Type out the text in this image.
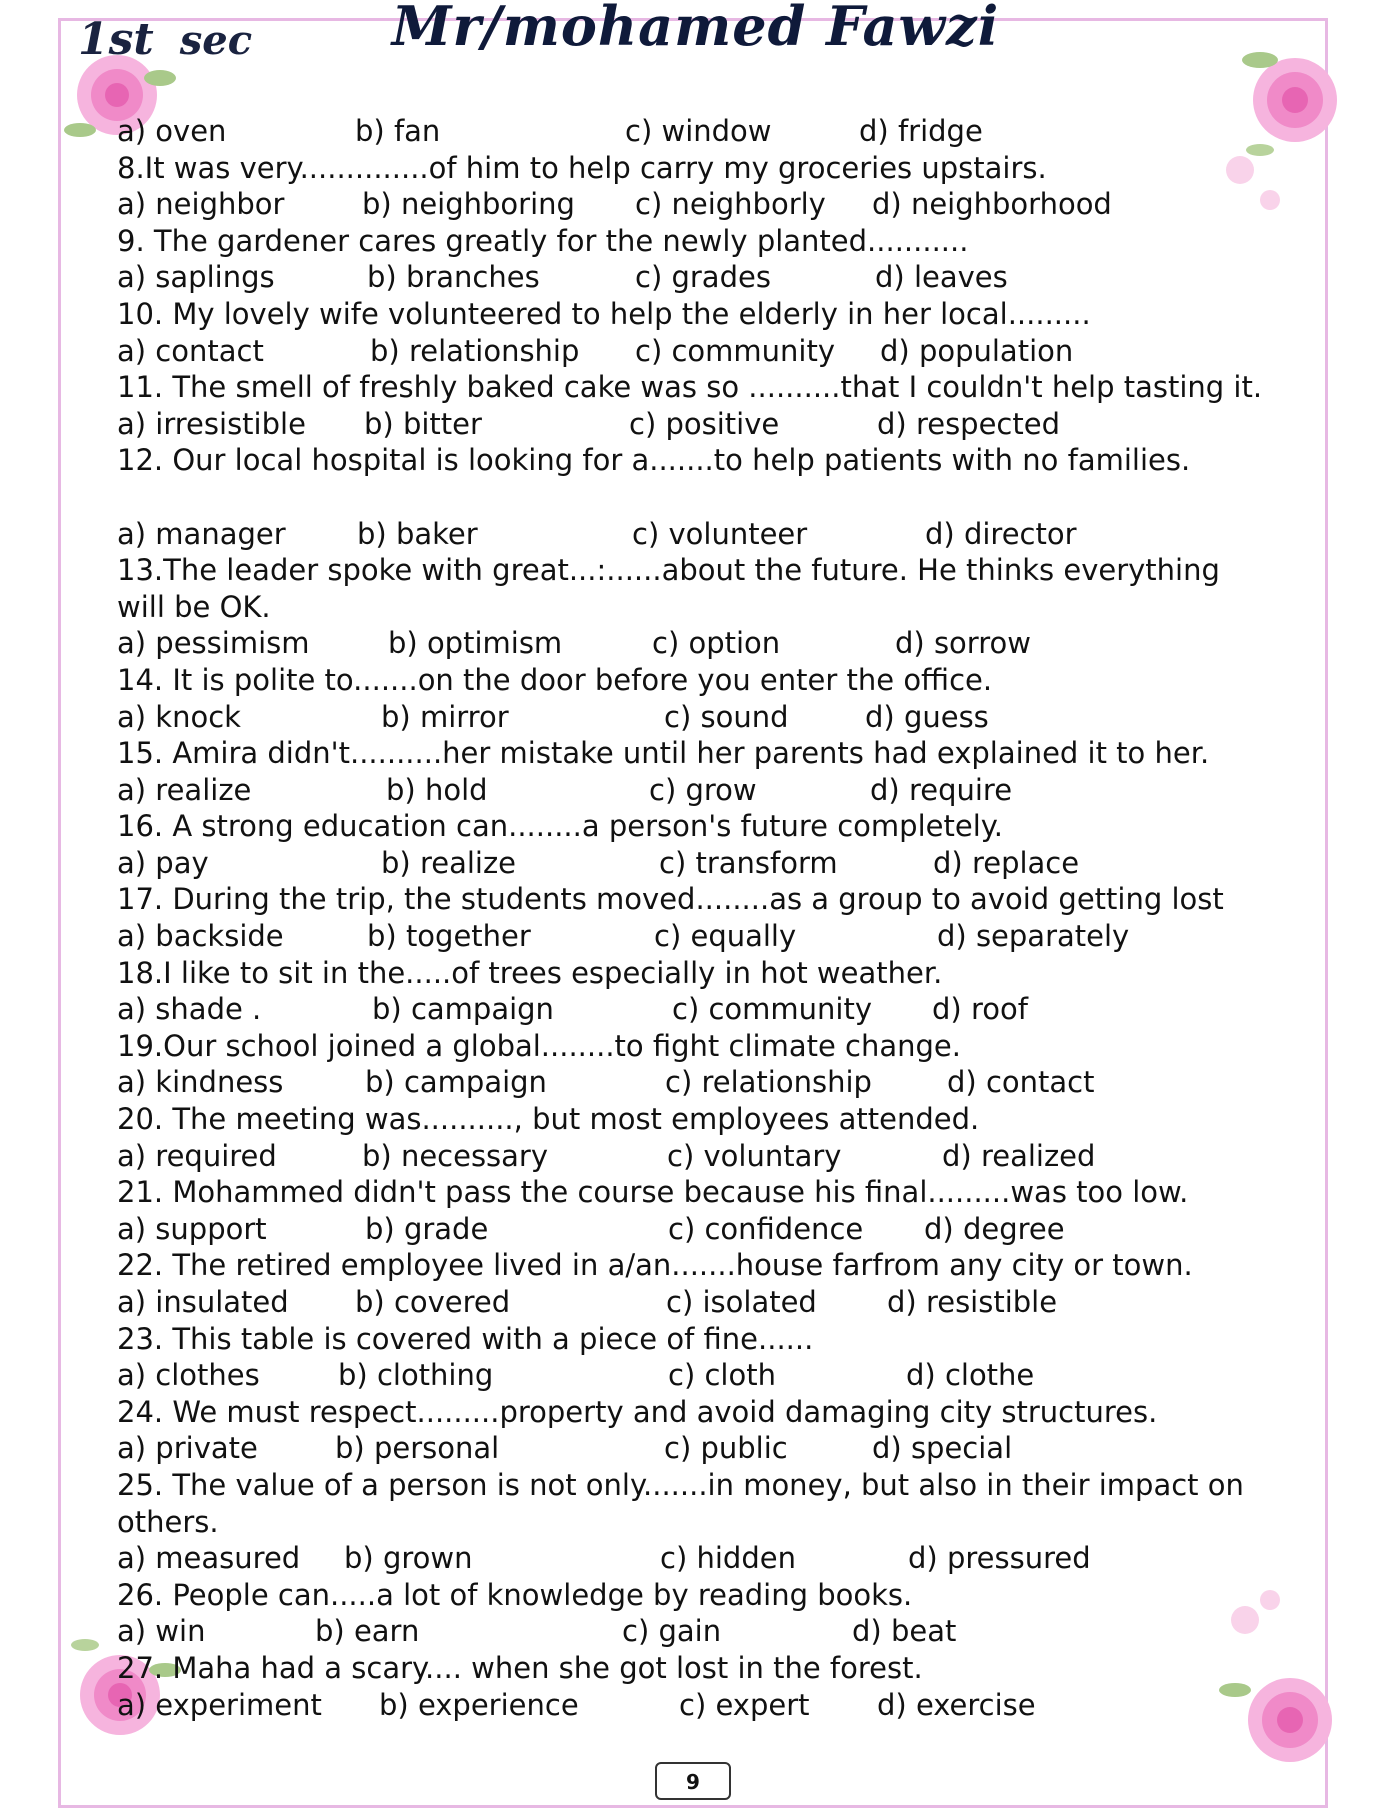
Mr/mohamed Fawzi
1st sec
a) oven	b) fan	c) window	d) fridge
8.It was very..............of him to help carry my groceries upstairs.
a) neighbor	b) neighboring c) neighborly d) neighborhood
9. The gardener cares greatly for the newly planted...........
a) saplings	b) branches	c) grades	d) leaves
10. My lovely wife volunteered to help the elderly in her local.........
a) contact	b) relationship c) community d) population
11. The smell of freshly baked cake was so ..........that I couldn't help tasting it.
a) irresistible b) bitter	c) positive	d) respected
12. Our local hospital is looking for a.......to help patients with no families.
a) manager b) baker	c) volunteer	d) director
13.The leader spoke with great...:......about the future. He thinks everything will be OK.
a) pessimism	b) optimism	c) option	d) sorrow
14. It is polite to.......on the door before you enter the office.
a) knock	b) mirror	c) sound	d) guess
15. Amira didn't..........her mistake until her parents had explained it to her.
a) realize	b) hold	c) grow	d) require
16. A strong education can........a person's future completely.
a) pay	b) realize	c) transform	d) replace
17. During the trip, the students moved........as a group to avoid getting lost
a) backside	b) together	c) equally	d) separately
18.I like to sit in the.....of trees especially in hot weather.
a) shade .	b) campaign	c) community d) roof
19.Our school joined a global........to fight climate change.
a) kindness	b) campaign	c) relationship	d) contact
20. The meeting was.........., but most employees attended.
a) required	b) necessary	c) voluntary	d) realized
21. Mohammed didn't pass the course because his final.........was too low.
a) support	b) grade	c) confidence d) degree
22. The retired employee lived in a/an.......house farfrom any city or town.
a) insulated b) covered	c) isolated d) resistible
23. This table is covered with a piece of fine......
a) clothes	b) clothing	c) cloth	d) clothe
24. We must respect.........property and avoid damaging city structures.
a) private	b) personal	c) public	d) special
25. The value of a person is not only.......in money, but also in their impact on others.
a) measured b) grown	c) hidden	d) pressured
26. People can.....a lot of knowledge by reading books.
a) win	b) earn	c) gain	d) beat
27. Maha had a scary.... when she got lost in the forest.
a) experiment b) experience	c) expert d) exercise
9
